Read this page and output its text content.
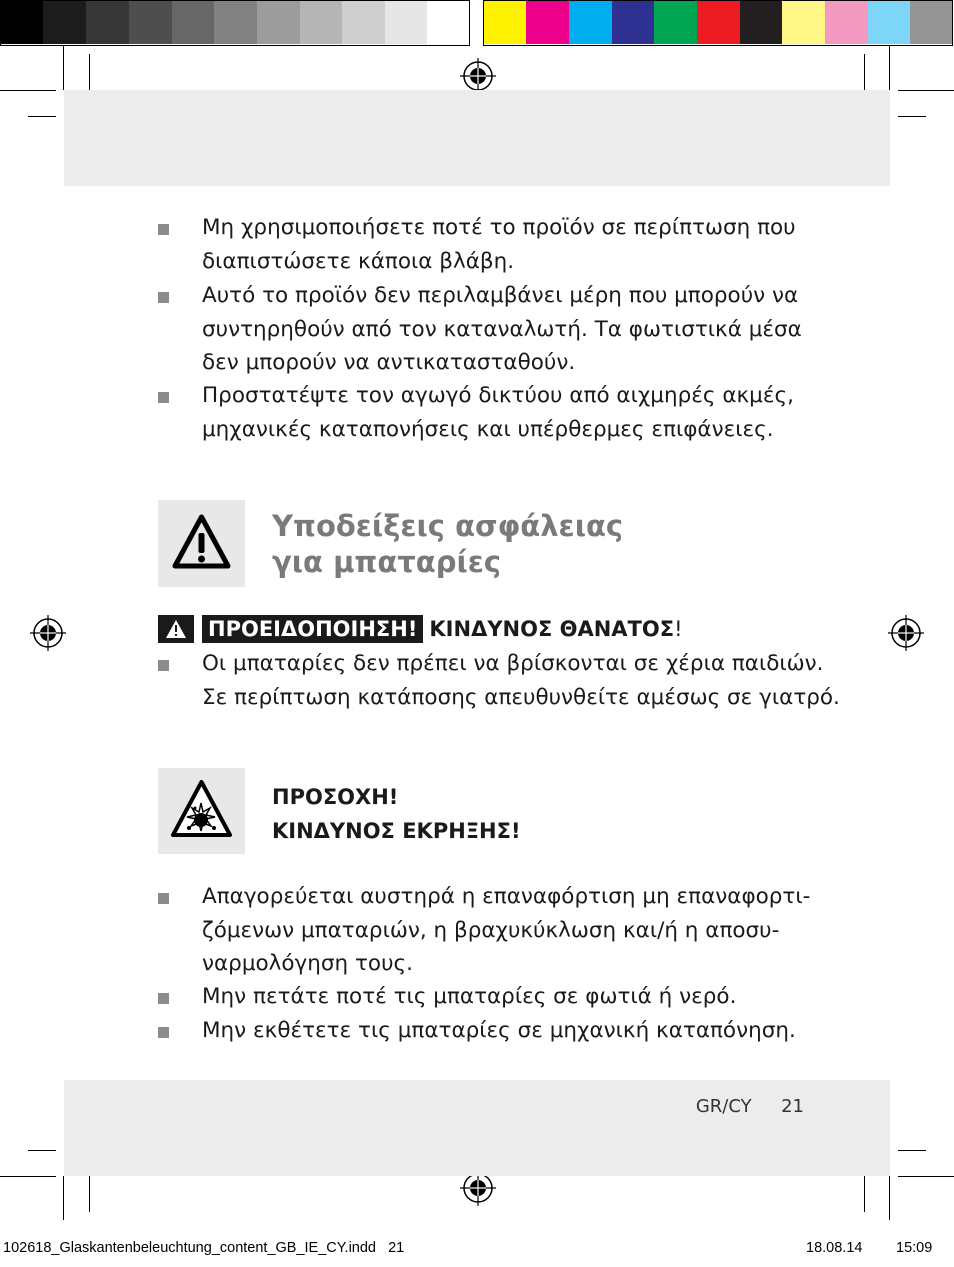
Μη χρησιμοποιήσετε ποτέ το προϊόν σε περίπτωση που
διαπιστώσετε κάποια βλάβη.
Αυτό το προϊόν δεν περιλαμβάνει μέρη που μπορούν να
συντηρηθούν από τον καταναλωτή. Τα φωτιστικά μέσα
δεν μπορούν να αντικατασταθούν.
Προστατέψτε τον αγωγό δικτύου από αιχμηρές ακμές,
μηχανικές καταπονήσεις και υπέρθερμες επιφάνειες.
Υποδείξεις ασφάλειας
για μπαταρίες
ΠΡΟΕΙΔΟΠΟΙΗΣΗ! ΚΙΝΔΥΝΟΣ ΘΑΝΑΤΟΣ !
Οι μπαταρίες δεν πρέπει να βρίσκονται σε χέρια παιδιών.
Σε περίπτωση κατάποσης απευθυνθείτε αμέσως σε γιατρό.
ΠΡΟΣΟΧΗ!
ΚΙΝΔΥΝΟΣ ΕΚΡΗΞΗΣ!
Απαγορεύεται αυστηρά η επαναφόρτιση μη επαναφορτι-
ζόμενων μπαταριών, η βραχυκύκλωση και/ή η αποσυ-
ναρμολόγηση τους.
Μην πετάτε ποτέ τις μπαταρίες σε φωτιά ή νερό.
Μην εκθέτετε τις μπαταρίες σε μηχανική καταπόνηση.
GR/CY 21
102618_Glaskantenbeleuchtung_content_GB_IE_CY.indd   21	18.08.14 15:09
